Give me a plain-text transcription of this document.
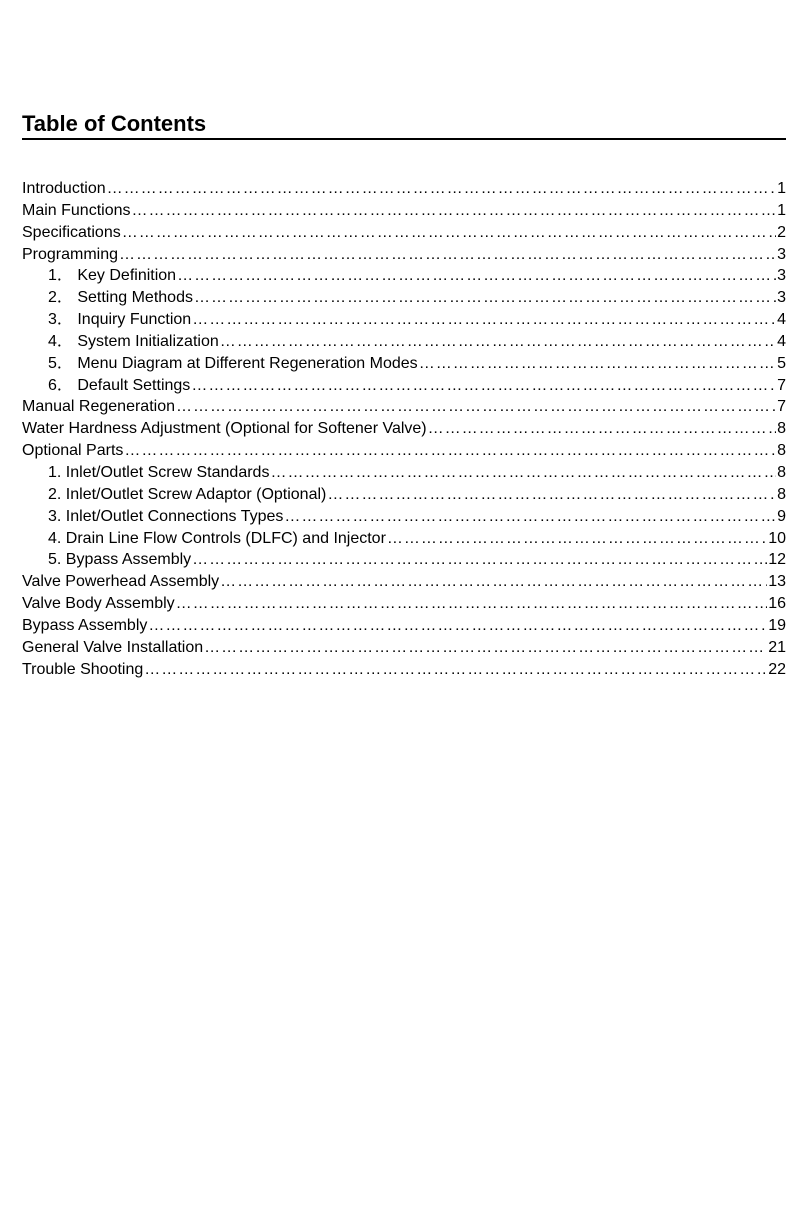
Table of Contents
Introduction ………………………………………………………………………………………………………………………………………………………………………	1
Main Functions ………………………………………………………………………………………………………………………………………………………………………	1
Specifications ………………………………………………………………………………………………………………………………………………………………………	2
Programming ………………………………………………………………………………………………………………………………………………………………………	3
1． Key Definition ………………………………………………………………………………………………………………………………………………………………………	3
2． Setting Methods ………………………………………………………………………………………………………………………………………………………………………	3
3． Inquiry Function ………………………………………………………………………………………………………………………………………………………………………	4
4． System Initialization ………………………………………………………………………………………………………………………………………………………………………	4
5． Menu Diagram at Different Regeneration Modes ………………………………………………………………………………………………………………………………………………………………………	5
6． Default Settings ………………………………………………………………………………………………………………………………………………………………………	7
Manual Regeneration ………………………………………………………………………………………………………………………………………………………………………	7
Water Hardness Adjustment (Optional for Softener Valve) ………………………………………………………………………………………………………………………………………………………………………	8
Optional Parts ………………………………………………………………………………………………………………………………………………………………………	8
1. Inlet/Outlet Screw Standards ………………………………………………………………………………………………………………………………………………………………………	8
2. Inlet/Outlet Screw Adaptor (Optional) ………………………………………………………………………………………………………………………………………………………………………	8
3. Inlet/Outlet Connections Types ………………………………………………………………………………………………………………………………………………………………………	9
4. Drain Line Flow Controls (DLFC) and Injector ………………………………………………………………………………………………………………………………………………………………………	10
5. Bypass Assembly ………………………………………………………………………………………………………………………………………………………………………	12
Valve Powerhead Assembly ………………………………………………………………………………………………………………………………………………………………………	13
Valve Body Assembly ………………………………………………………………………………………………………………………………………………………………………	16
Bypass Assembly ………………………………………………………………………………………………………………………………………………………………………	19
General Valve Installation ………………………………………………………………………………………………………………………………………………………………………	21
Trouble Shooting ………………………………………………………………………………………………………………………………………………………………………	22
